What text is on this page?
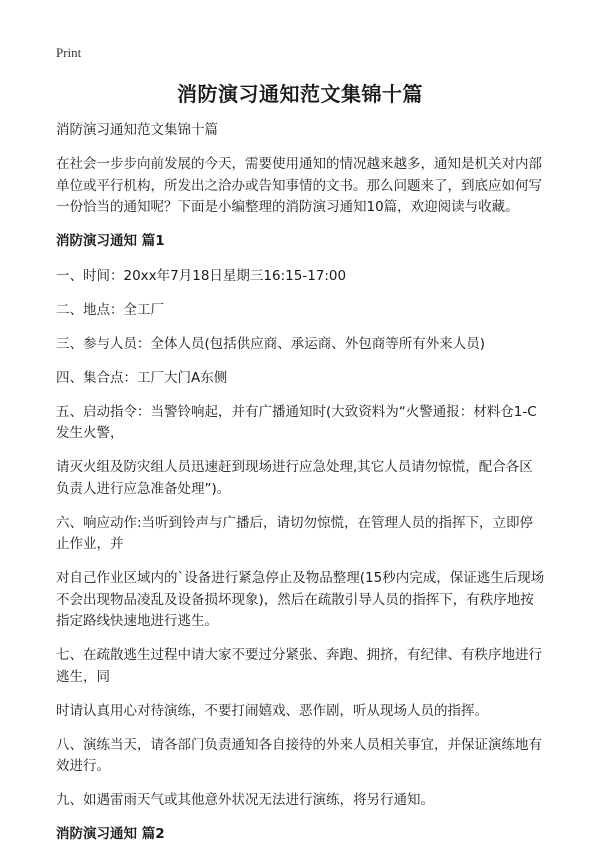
Print
消防演习通知范文集锦十篇

消防演习通知范文集锦十篇

在社会一步步向前发展的今天，需要使用通知的情况越来越多，通知是机关对内部单位或平行机构，所发出之洽办或告知事情的文书。那么问题来了，到底应如何写一份恰当的通知呢？下面是小编整理的消防演习通知10篇，欢迎阅读与收藏。

消防演习通知 篇1

一、时间：20xx年7月18日星期三16:15-17:00

二、地点：全工厂

三、参与人员：全体人员(包括供应商、承运商、外包商等所有外来人员)

四、集合点：工厂大门A东侧

五、启动指令：当警铃响起，并有广播通知时(大致资料为“火警通报：材料仓1-C发生火警，

请灭火组及防灾组人员迅速赶到现场进行应急处理,其它人员请勿惊慌，配合各区负责人进行应急准备处理”)。

六、响应动作:当听到铃声与广播后，请切勿惊慌，在管理人员的指挥下，立即停止作业，并

对自己作业区域内的`设备进行紧急停止及物品整理(15秒内完成，保证逃生后现场不会出现物品凌乱及设备损坏现象)，然后在疏散引导人员的指挥下，有秩序地按指定路线快速地进行逃生。

七、在疏散逃生过程中请大家不要过分紧张、奔跑、拥挤，有纪律、有秩序地进行逃生，同

时请认真用心对待演练，不要打闹嬉戏、恶作剧，听从现场人员的指挥。

八、演练当天，请各部门负责通知各自接待的外来人员相关事宜，并保证演练地有效进行。

九、如遇雷雨天气或其他意外状况无法进行演练，将另行通知。

消防演习通知 篇2
